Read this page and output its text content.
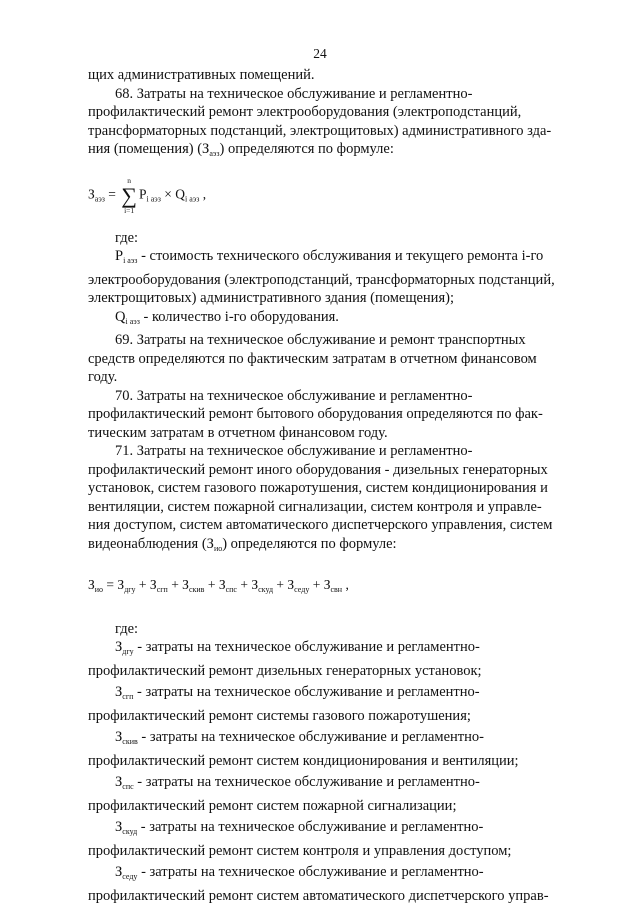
24

щих административных помещений.

68. Затраты на техническое обслуживание и регламентно-

профилактический ремонт электрооборудования (электроподстанций,

трансформаторных подстанций, электрощитовых) административного зда-

ния (помещения) $(З_{аэз})$ определяются по формуле:

$З_{аэз}$ =
n
∑
i=1
$Р_{i аэз} \times Q_{i аэз}$ ,

где:

$Р_{i аэз}$ - стоимость технического обслуживания и текущего ремонта i-го

электрооборудования (электроподстанций, трансформаторных подстанций,

электрощитовых) административного здания (помещения);

$Q_{i аэз}$ - количество i-го оборудования.

69. Затраты на техническое обслуживание и ремонт транспортных

средств определяются по фактическим затратам в отчетном финансовом

году.

70. Затраты на техническое обслуживание и регламентно-

профилактический ремонт бытового оборудования определяются по фак-

тическим затратам в отчетном финансовом году.

71. Затраты на техническое обслуживание и регламентно-

профилактический ремонт иного оборудования - дизельных генераторных

установок, систем газового пожаротушения, систем кондиционирования и

вентиляции, систем пожарной сигнализации, систем контроля и управле-

ния доступом, систем автоматического диспетчерского управления, систем

видеонаблюдения $(З_{ио})$ определяются по формуле:

$З_{ио} = З_{дгу} + З_{сгп} + З_{скив} + З_{спс} + З_{скуд} + З_{седу} + З_{свн}$ ,

где:

$З_{дгу}$ - затраты на техническое обслуживание и регламентно-

профилактический ремонт дизельных генераторных установок;

$З_{сгп}$ - затраты на техническое обслуживание и регламентно-

профилактический ремонт системы газового пожаротушения;

$З_{скив}$ - затраты на техническое обслуживание и регламентно-

профилактический ремонт систем кондиционирования и вентиляции;

$З_{спс}$ - затраты на техническое обслуживание и регламентно-

профилактический ремонт систем пожарной сигнализации;

$З_{скуд}$ - затраты на техническое обслуживание и регламентно-

профилактический ремонт систем контроля и управления доступом;

$З_{седу}$ - затраты на техническое обслуживание и регламентно-

профилактический ремонт систем автоматического диспетчерского управ-
